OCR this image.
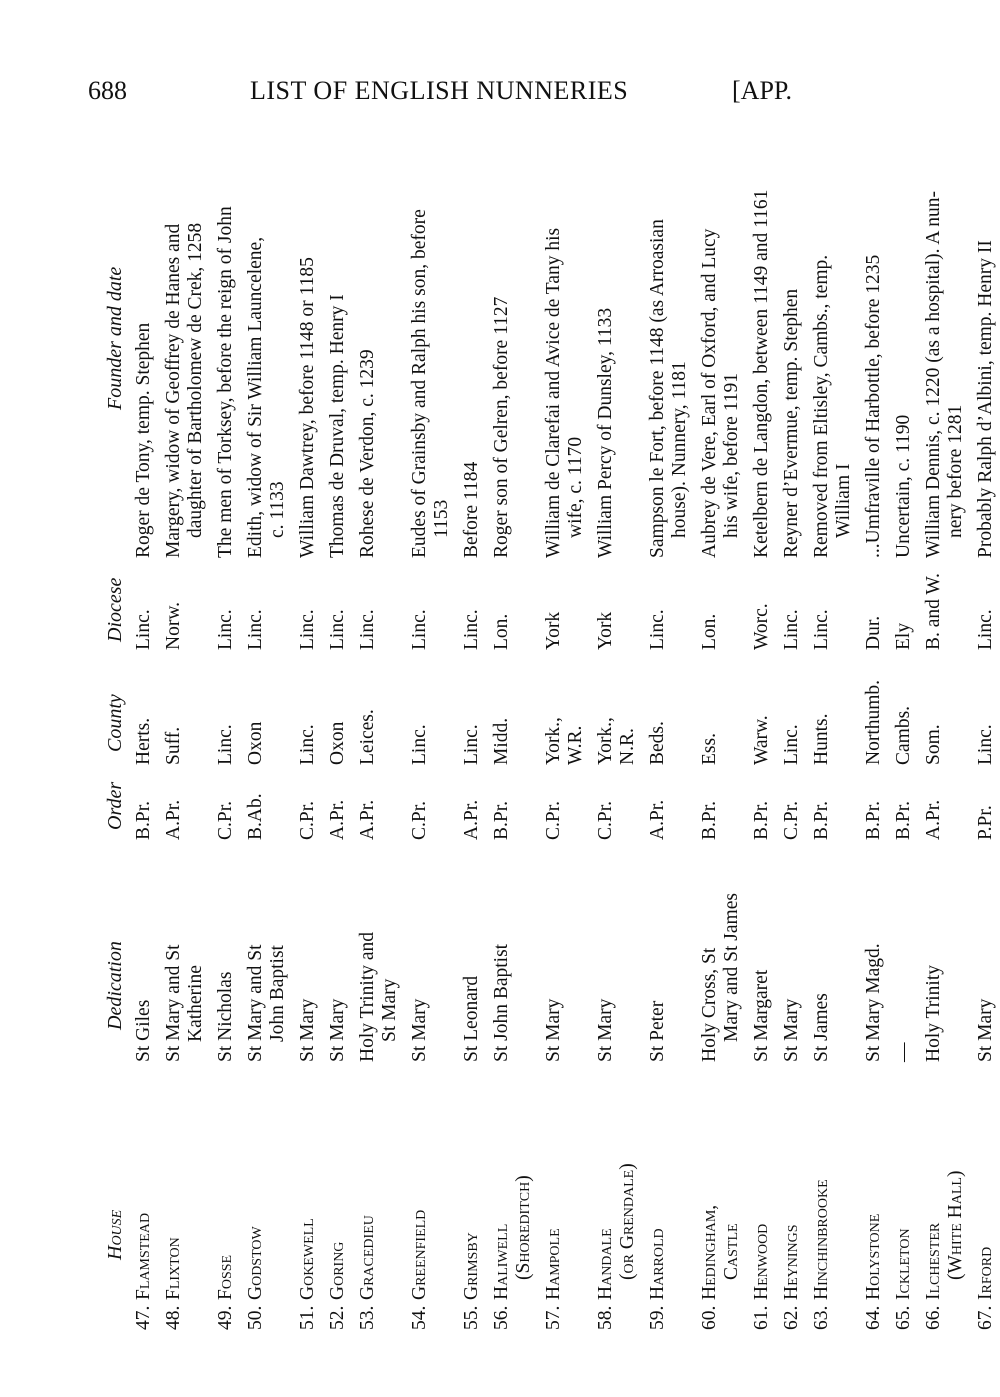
688	LIST OF ENGLISH NUNNERIES	[APP.
House
Dedication
Order
County
Diocese
Founder and date
47.
Flamstead
St Giles
B.Pr.
Herts.
Linc.
Roger de Tony, temp. Stephen
48.
Flixton
St Mary and St
A.Pr.
Suff.
Norw.
Margery, widow of Geoffrey de Hanes and
Katherine
daughter of Bartholomew de Crek, 1258
49.
Fosse
St Nicholas
C.Pr.
Linc.
Linc.
The men of Torksey, before the reign of John
50.
Godstow
St Mary and St
B.Ab.
Oxon
Linc.
Edith, widow of Sir William Launcelene,
John Baptist
c. 1133
51.
Gokewell
St Mary
C.Pr.
Linc.
Linc.
William Dawtrey, before 1148 or 1185
52.
Goring
St Mary
A.Pr.
Oxon
Linc.
Thomas de Druval, temp. Henry I
53.
Gracedieu
Holy Trinity and
A.Pr.
Leices.
Linc.
Rohese de Verdon, c. 1239
St Mary
54.
Greenfield
St Mary
C.Pr.
Linc.
Linc.
Eudes of Grainsby and Ralph his son, before 1153
55.
Grimsby
St Leonard
A.Pr.
Linc.
Linc.
Before 1184
56.
Haliwell
St John Baptist
B.Pr.
Midd.
Lon.
Roger son of Gelren, before 1127
(Shoreditch)
57.
Hampole
St Mary
C.Pr.
York.,
York
William de Clarefai and Avice de Tany his
W.R.
wife, c. 1170
58.
Handale
St Mary
C.Pr.
York.,
York
William Percy of Dunsley, 1133
(or Grendale)
N.R.
59.
Harrold
St Peter
A.Pr.
Beds.
Linc.
Sampson le Fort, before 1148 (as Arroasian house). Nunnery, 1181
60.
Hedingham,
Holy Cross, St
B.Pr.
Ess.
Lon.
Aubrey de Vere, Earl of Oxford, and Lucy
Castle
Mary and St James
his wife, before 1191
61.
Henwood
St Margaret
B.Pr.
Warw.
Worc.
Ketelbern de Langdon, between 1149 and 1161
62.
Heynings
St Mary
C.Pr.
Linc.
Linc.
Reyner d’Evermue, temp. Stephen
63.
Hinchinbrooke
St James
B.Pr.
Hunts.
Linc.
Removed from Eltisley, Cambs., temp. William I
64.
Holystone
St Mary Magd.
B.Pr.
Northumb.
Dur.
...Umfraville of Harbottle, before 1235
65.
Ickleton
—
B.Pr.
Cambs.
Ely
Uncertain, c. 1190
66.
Ilchester
Holy Trinity
A.Pr.
Som.
B. and W.
William Dennis, c. 1220 (as a hospital). A nun-
(White Hall)
nery before 1281
67.
Irford
St Mary
P.Pr.
Linc.
Linc.
Probably Ralph d’Albini, temp. Henry II
